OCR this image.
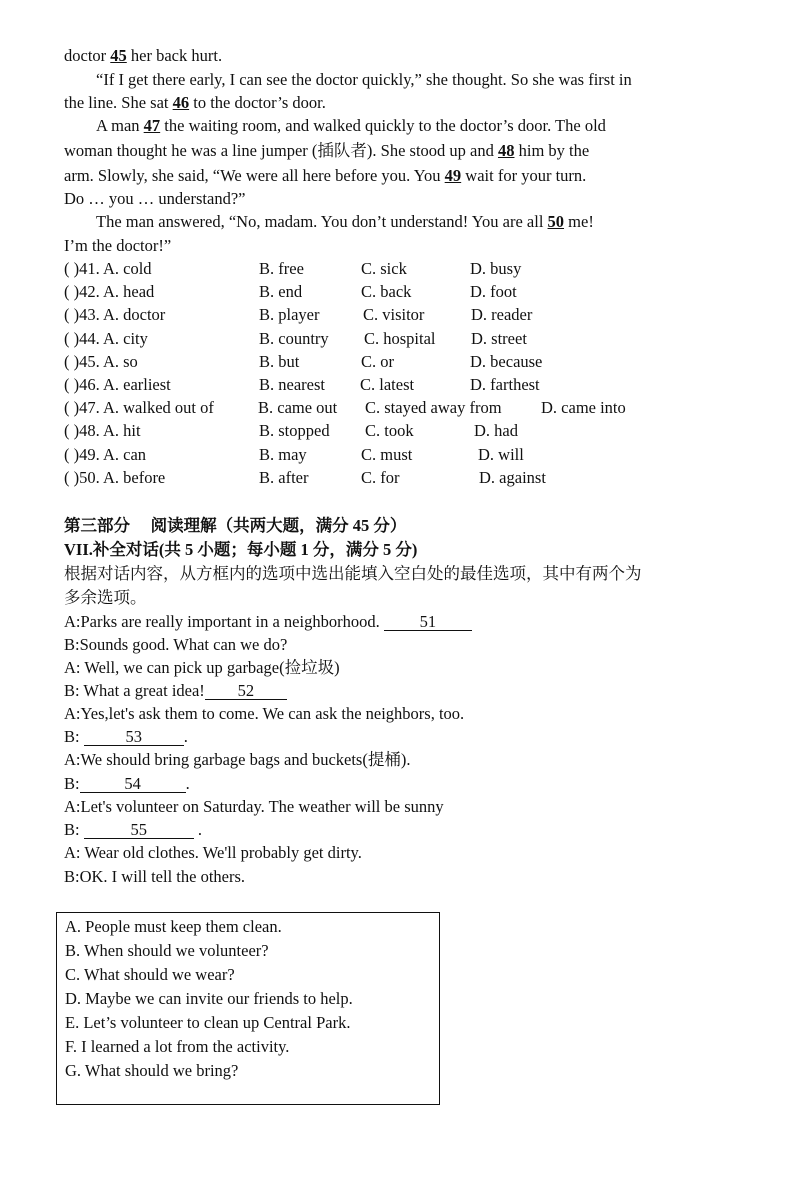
doctor 45 her back hurt.
“If I get there early, I can see the doctor quickly,” she thought. So she was first in
the line. She sat 46 to the doctor’s door.
A man 47 the waiting room, and walked quickly to the doctor’s door. The old
woman thought he was a line jumper (插队者). She stood up and 48 him by the
arm. Slowly, she said, “We were all here before you. You 49 wait for your turn.
Do … you … understand?”
The man answered, “No, madam. You don’t understand! You are all 50 me!
I’m the doctor!”
( )41. A. cold	B. free	C. sick	D. busy
( )42. A. head	B. end	C. back	D. foot
( )43. A. doctor	B. player	C. visitor	D. reader
( )44. A. city	B. country C. hospital D. street
( )45. A. so	B. but	C. or	D. because
( )46. A. earliest	B. nearest C. latest	D. farthest
( )47. A. walked out of	B. came out C. stayed away from D. came into
( )48. A. hit	B. stopped C. took	D. had
( )49. A. can	B. may	C. must	D. will
( )50. A. before	B. after	C. for	D. against
第三部分　 阅读理解（共两大题，满分 45 分）
VII.补全对话(共 5 小题；每小题 1 分，满分 5 分)
根据对话内容，从方框内的选项中选出能填入空白处的最佳选项，其中有两个为
多余选项。
A:Parks are really important in a neighborhood. 51
B:Sounds good. What can we do?
A: Well, we can pick up garbage(捡垃圾)
B: What a great idea! 52
A:Yes,let's ask them to come. We can ask the neighbors, too.
B:	53	.
A:We should bring garbage bags and buckets(提桶).
B:	54	.
A:Let's volunteer on Saturday. The weather will be sunny
B:	55	.
A: Wear old clothes. We'll probably get dirty.
B:OK. I will tell the others.
A. People must keep them clean.
B. When should we volunteer?
C. What should we wear?
D. Maybe we can invite our friends to help.
E. Let’s volunteer to clean up Central Park.
F. I learned a lot from the activity.
G. What should we bring?
